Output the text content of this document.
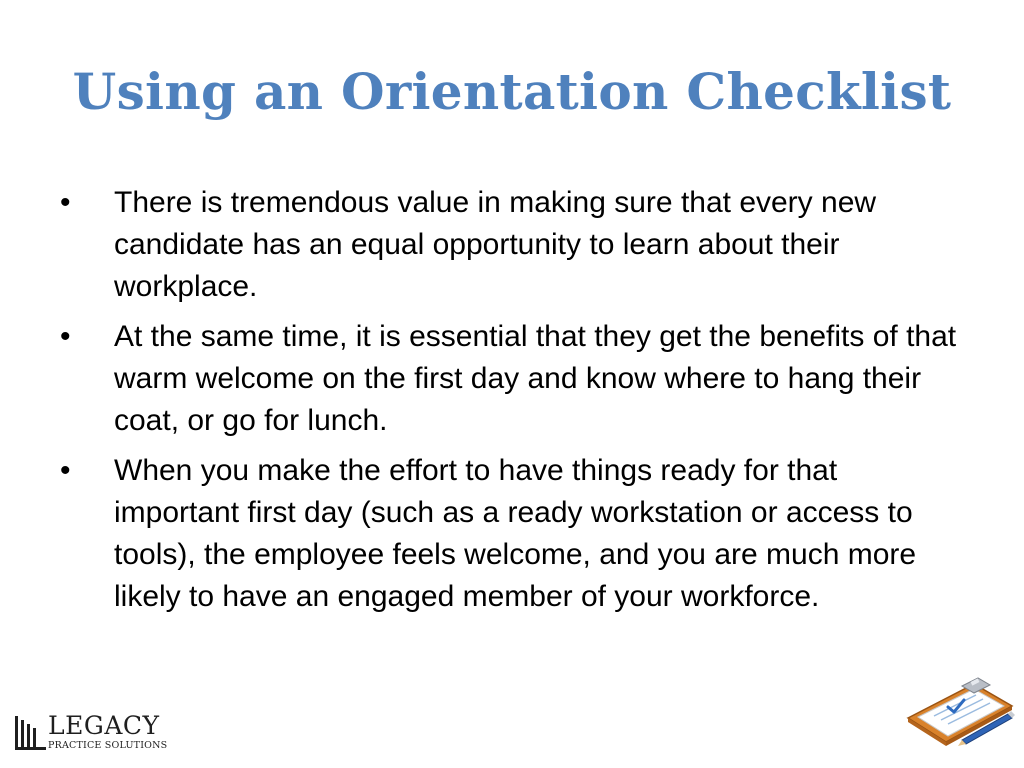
Using an Orientation Checklist
• There is tremendous value in making sure that every new candidate has an equal opportunity to learn about their workplace.
• At the same time, it is essential that they get the benefits of that warm welcome on the first day and know where to hang their coat, or go for lunch.
• When you make the effort to have things ready for that important first day (such as a ready workstation or access to tools), the employee feels welcome, and you are much more likely to have an engaged member of your workforce.
LEGACY
PRACTICE SOLUTIONS
